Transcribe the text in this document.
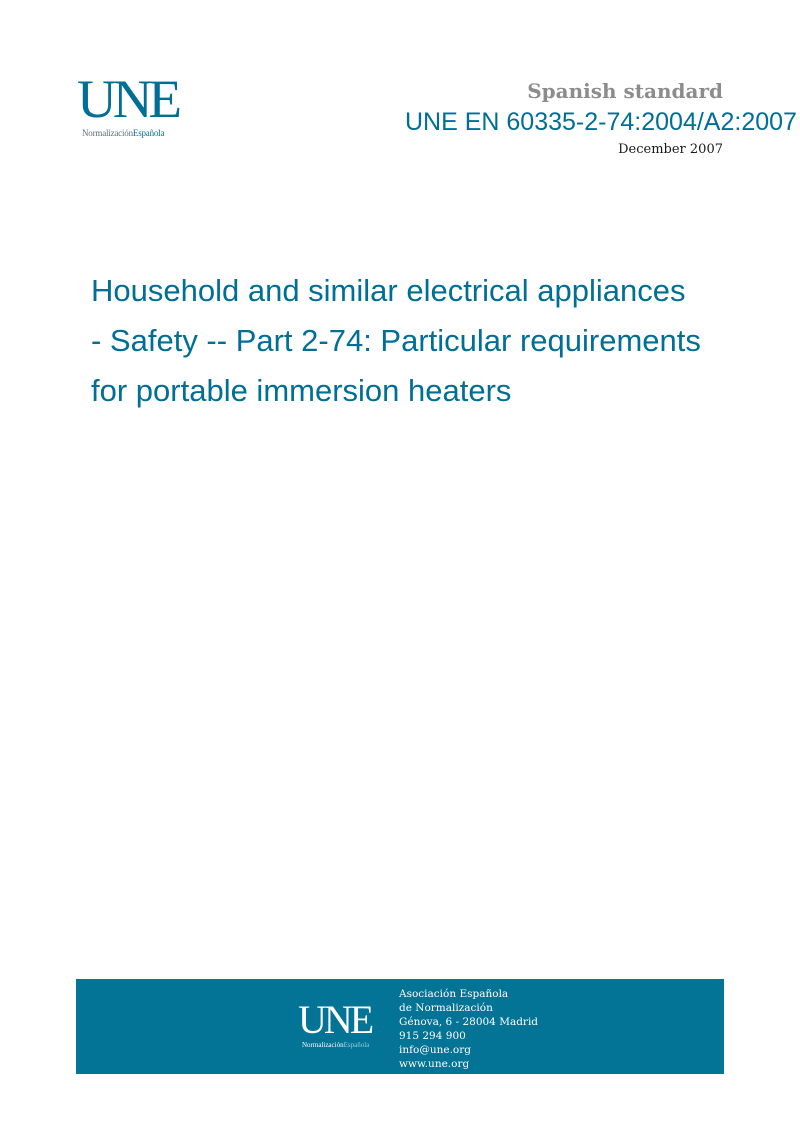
UNE
NormalizaciónEspañola
Spanish standard
UNE EN 60335-2-74:2004/A2:2007
December 2007
Household and similar electrical appliances
- Safety -- Part 2-74: Particular requirements
for portable immersion heaters
UNE
NormalizaciónEspañola
Asociación Española
de Normalización
Génova, 6 - 28004 Madrid
915 294 900
info@une.org
www.une.org
